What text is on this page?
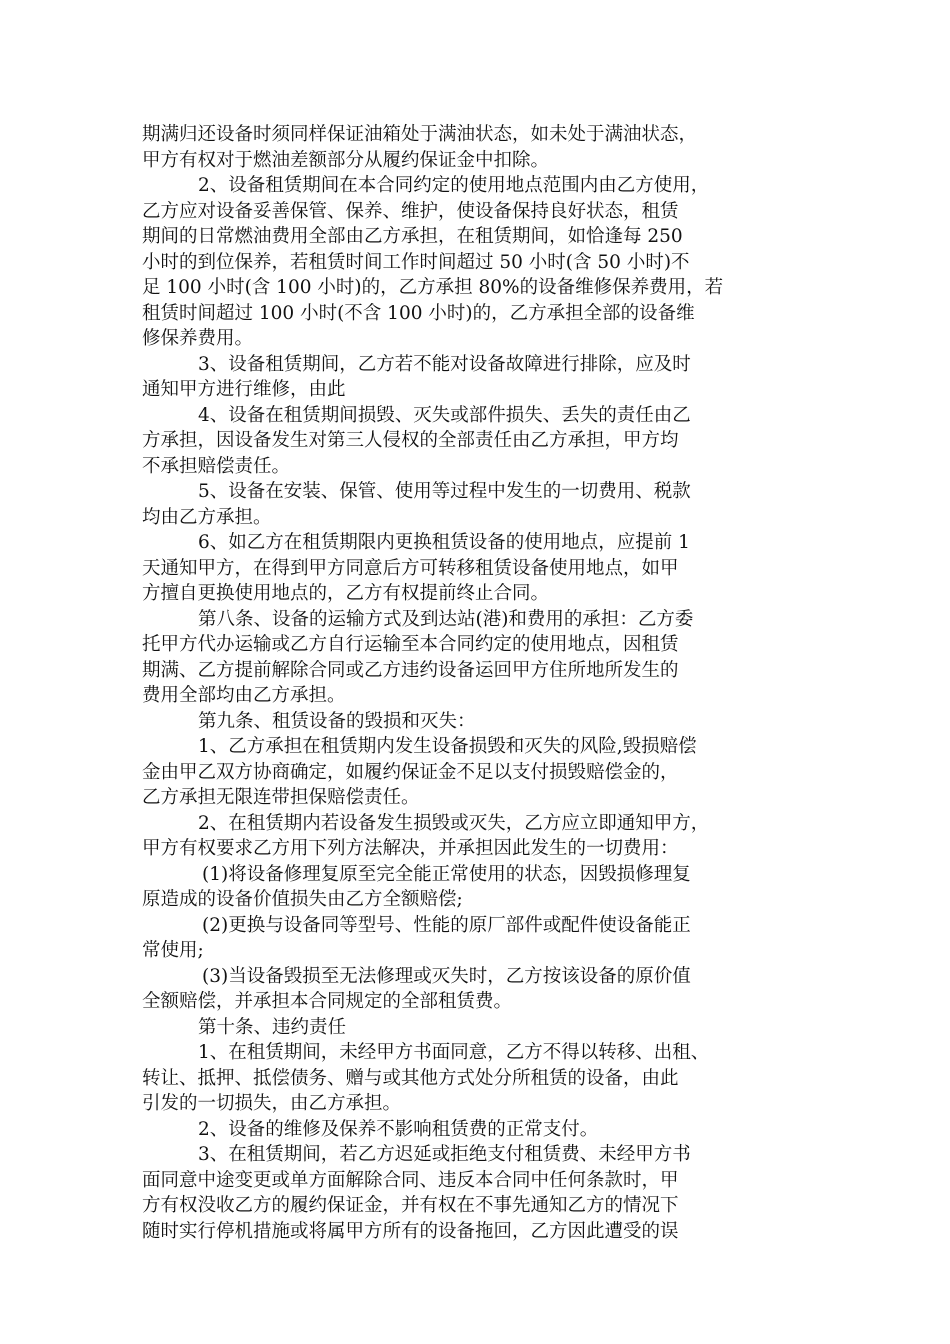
期满归还设备时须同样保证油箱处于满油状态，如未处于满油状态，
甲方有权对于燃油差额部分从履约保证金中扣除。
2、设备租赁期间在本合同约定的使用地点范围内由乙方使用，
乙方应对设备妥善保管、保养、维护，使设备保持良好状态，租赁
期间的日常燃油费用全部由乙方承担，在租赁期间，如恰逢每 250
小时的到位保养，若租赁时间工作时间超过 50 小时(含 50 小时)不
足 100 小时(含 100 小时)的，乙方承担 80%的设备维修保养费用，若
租赁时间超过 100 小时(不含 100 小时)的，乙方承担全部的设备维
修保养费用。
3、设备租赁期间，乙方若不能对设备故障进行排除，应及时
通知甲方进行维修，由此
4、设备在租赁期间损毁、灭失或部件损失、丢失的责任由乙
方承担，因设备发生对第三人侵权的全部责任由乙方承担，甲方均
不承担赔偿责任。
5、设备在安装、保管、使用等过程中发生的一切费用、税款
均由乙方承担。
6、如乙方在租赁期限内更换租赁设备的使用地点，应提前 1
天通知甲方，在得到甲方同意后方可转移租赁设备使用地点，如甲
方擅自更换使用地点的，乙方有权提前终止合同。
第八条、设备的运输方式及到达站(港)和费用的承担：乙方委
托甲方代办运输或乙方自行运输至本合同约定的使用地点，因租赁
期满、乙方提前解除合同或乙方违约设备运回甲方住所地所发生的
费用全部均由乙方承担。
第九条、租赁设备的毁损和灭失：
1、乙方承担在租赁期内发生设备损毁和灭失的风险,毁损赔偿
金由甲乙双方协商确定，如履约保证金不足以支付损毁赔偿金的，
乙方承担无限连带担保赔偿责任。
2、在租赁期内若设备发生损毁或灭失，乙方应立即通知甲方，
甲方有权要求乙方用下列方法解决，并承担因此发生的一切费用：
(1)将设备修理复原至完全能正常使用的状态，因毁损修理复
原造成的设备价值损失由乙方全额赔偿;
(2)更换与设备同等型号、性能的原厂部件或配件使设备能正
常使用;
(3)当设备毁损至无法修理或灭失时，乙方按该设备的原价值
全额赔偿，并承担本合同规定的全部租赁费。
第十条、违约责任
1、在租赁期间，未经甲方书面同意，乙方不得以转移、出租、
转让、抵押、抵偿债务、赠与或其他方式处分所租赁的设备，由此
引发的一切损失，由乙方承担。
2、设备的维修及保养不影响租赁费的正常支付。
3、在租赁期间，若乙方迟延或拒绝支付租赁费、未经甲方书
面同意中途变更或单方面解除合同、违反本合同中任何条款时，甲
方有权没收乙方的履约保证金，并有权在不事先通知乙方的情况下
随时实行停机措施或将属甲方所有的设备拖回，乙方因此遭受的误
